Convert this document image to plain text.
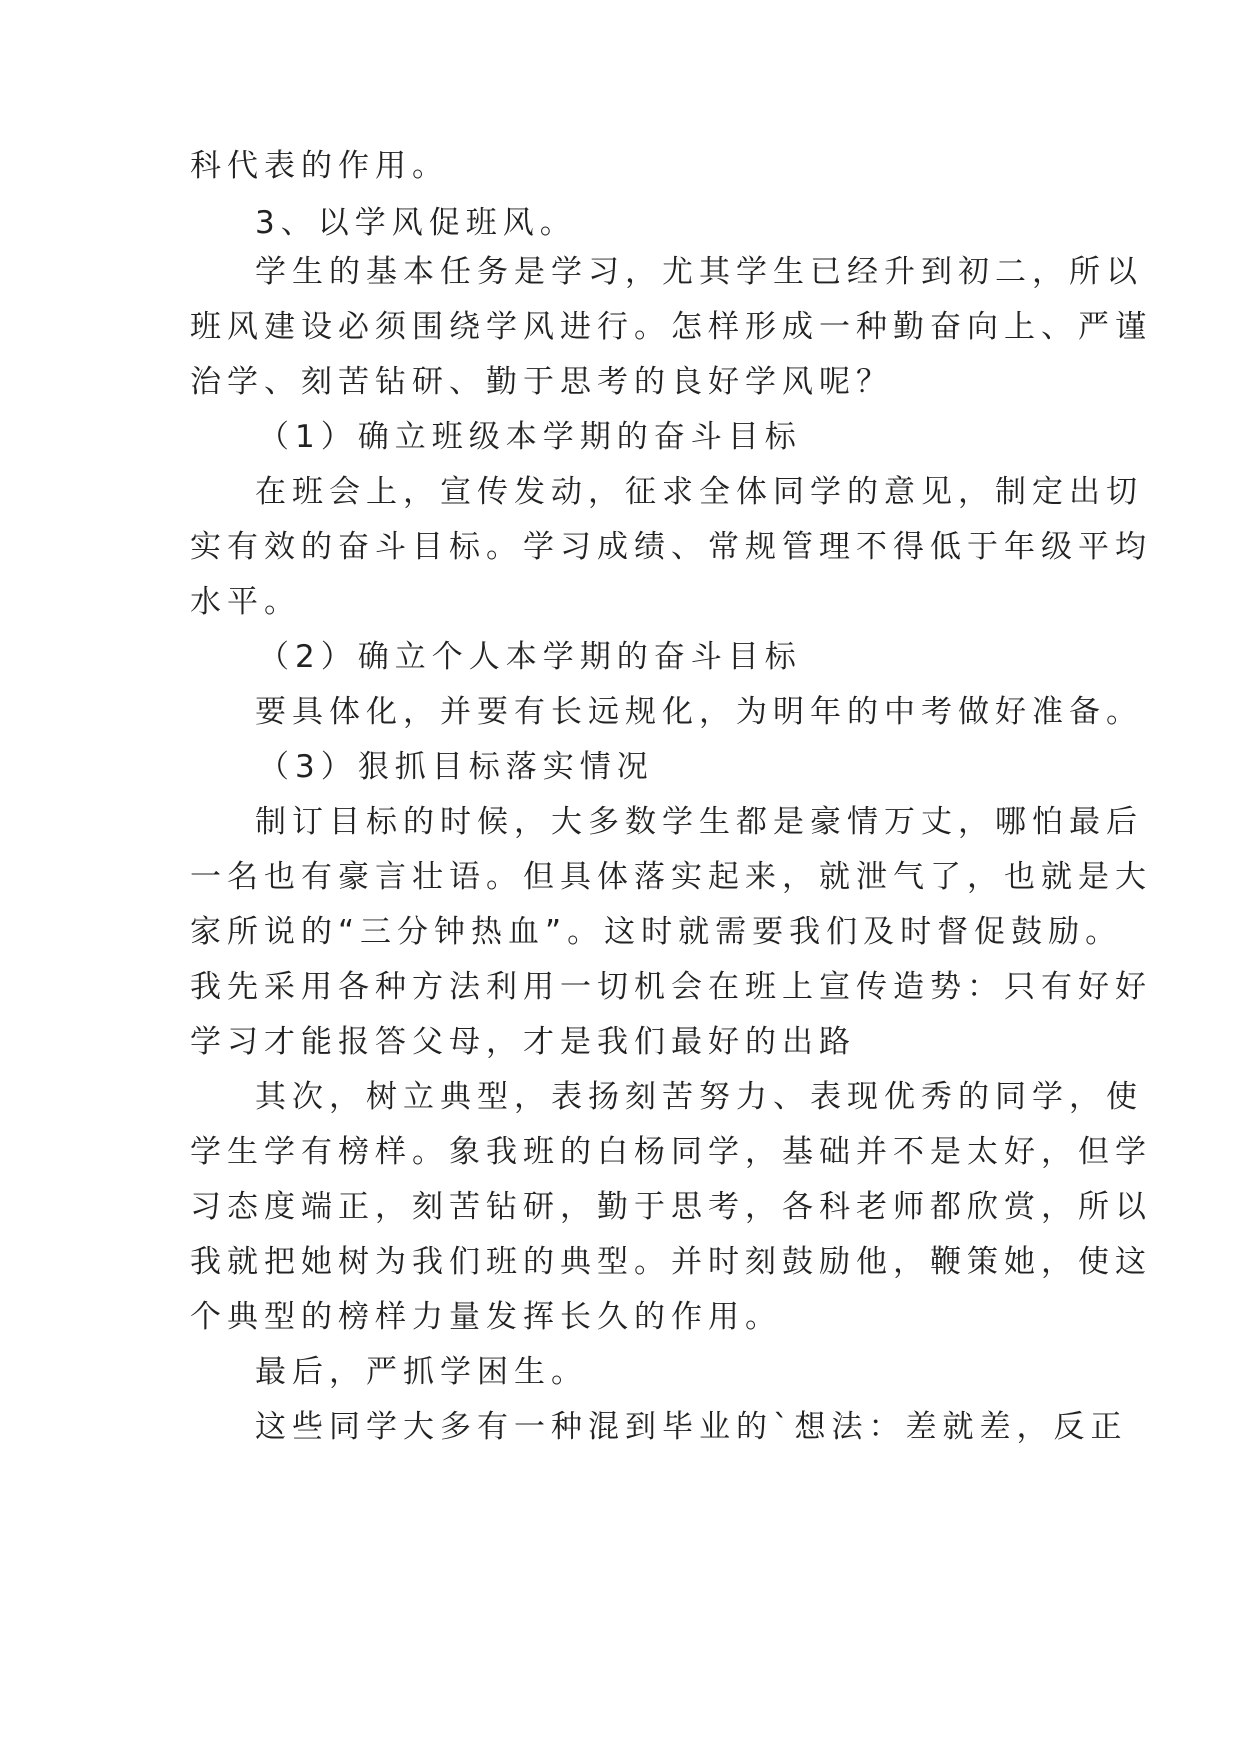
科代表的作用。

3、以学风促班风。

学生的基本任务是学习，尤其学生已经升到初二，所以

班风建设必须围绕学风进行。怎样形成一种勤奋向上、严谨

治学、刻苦钻研、勤于思考的良好学风呢？

（1）确立班级本学期的奋斗目标

在班会上，宣传发动，征求全体同学的意见，制定出切

实有效的奋斗目标。学习成绩、常规管理不得低于年级平均

水平。

（2）确立个人本学期的奋斗目标

要具体化，并要有长远规化，为明年的中考做好准备。

（3）狠抓目标落实情况

制订目标的时候，大多数学生都是豪情万丈，哪怕最后

一名也有豪言壮语。但具体落实起来，就泄气了，也就是大

家所说的“三分钟热血”。这时就需要我们及时督促鼓励。

我先采用各种方法利用一切机会在班上宣传造势：只有好好

学习才能报答父母，才是我们最好的出路

其次，树立典型，表扬刻苦努力、表现优秀的同学，使

学生学有榜样。象我班的白杨同学，基础并不是太好，但学

习态度端正，刻苦钻研，勤于思考，各科老师都欣赏，所以

我就把她树为我们班的典型。并时刻鼓励他，鞭策她，使这

个典型的榜样力量发挥长久的作用。

最后，严抓学困生。

这些同学大多有一种混到毕业的`想法：差就差，反正
